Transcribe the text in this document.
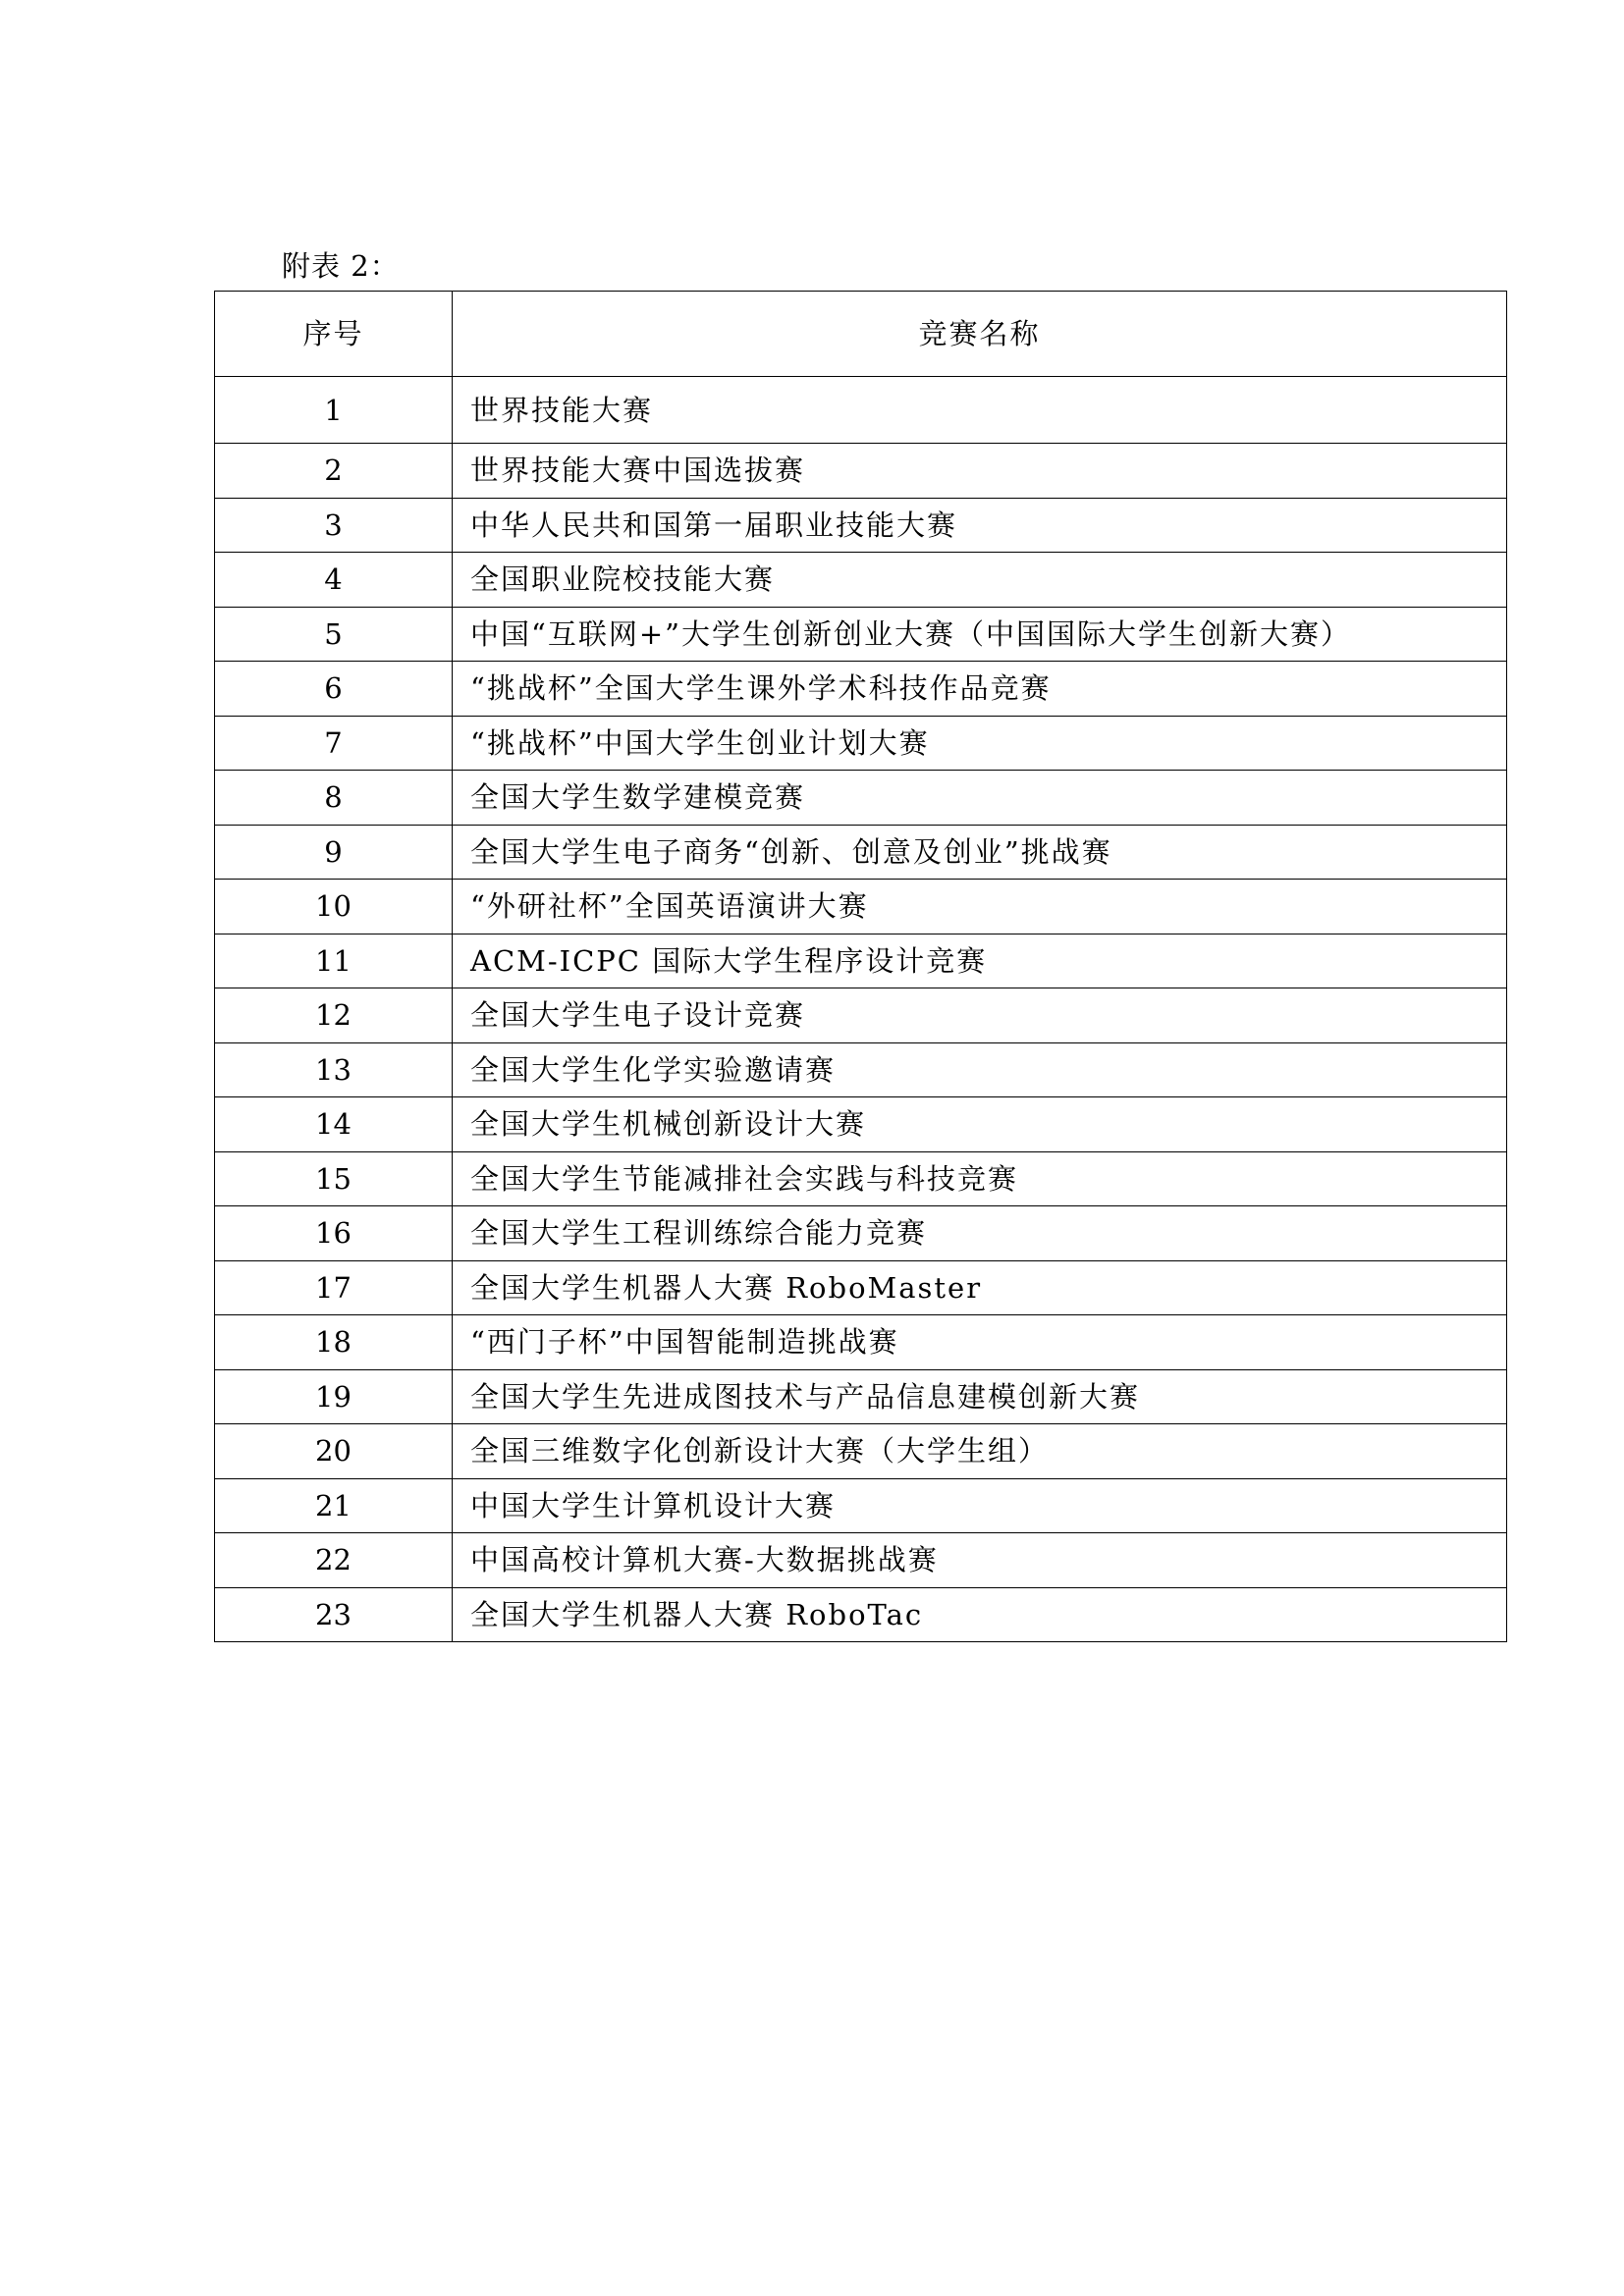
附表 2：
序号	竞赛名称
1	世界技能大赛
2	世界技能大赛中国选拔赛
3	中华人民共和国第一届职业技能大赛
4	全国职业院校技能大赛
5	中国“互联网+”大学生创新创业大赛（中国国际大学生创新大赛）
6	“挑战杯”全国大学生课外学术科技作品竞赛
7	“挑战杯”中国大学生创业计划大赛
8	全国大学生数学建模竞赛
9	全国大学生电子商务“创新、创意及创业”挑战赛
10	“外研社杯”全国英语演讲大赛
11	ACM-ICPC 国际大学生程序设计竞赛
12	全国大学生电子设计竞赛
13	全国大学生化学实验邀请赛
14	全国大学生机械创新设计大赛
15	全国大学生节能减排社会实践与科技竞赛
16	全国大学生工程训练综合能力竞赛
17	全国大学生机器人大赛 RoboMaster
18	“西门子杯”中国智能制造挑战赛
19	全国大学生先进成图技术与产品信息建模创新大赛
20	全国三维数字化创新设计大赛（大学生组）
21	中国大学生计算机设计大赛
22	中国高校计算机大赛-大数据挑战赛
23	全国大学生机器人大赛 RoboTac
